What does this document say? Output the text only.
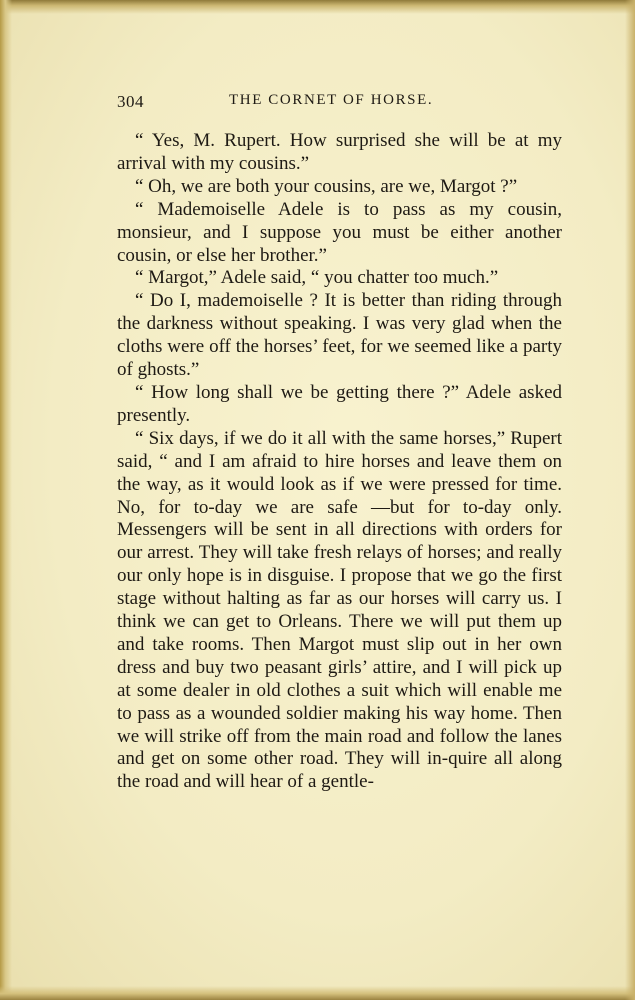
304	THE CORNET OF HORSE.

“ Yes, M. Rupert. How surprised she will be at my arrival with my cousins.”

“ Oh, we are both your cousins, are we, Margot ?”

“ Mademoiselle Adele is to pass as my cousin, monsieur, and I suppose you must be either another cousin, or else her brother.”

“ Margot,” Adele said, “ you chatter too much.”

“ Do I, mademoiselle ? It is better than riding through the darkness without speaking. I was very glad when the cloths were off the horses’ feet, for we seemed like a party of ghosts.”

“ How long shall we be getting there ?” Adele asked presently.

“ Six days, if we do it all with the same horses,” Rupert said, “ and I am afraid to hire horses and leave them on the way, as it would look as if we were pressed for time. No, for to-day we are safe —but for to-day only. Messengers will be sent in all directions with orders for our arrest. They will take fresh relays of horses; and really our only hope is in disguise. I propose that we go the first stage without halting as far as our horses will carry us. I think we can get to Orleans. There we will put them up and take rooms. Then Margot must slip out in her own dress and buy two peasant girls’ attire, and I will pick up at some dealer in old clothes a suit which will enable me to pass as a wounded soldier making his way home. Then we will strike off from the main road and follow the lanes and get on some other road. They will in-quire all along the road and will hear of a gentle-
